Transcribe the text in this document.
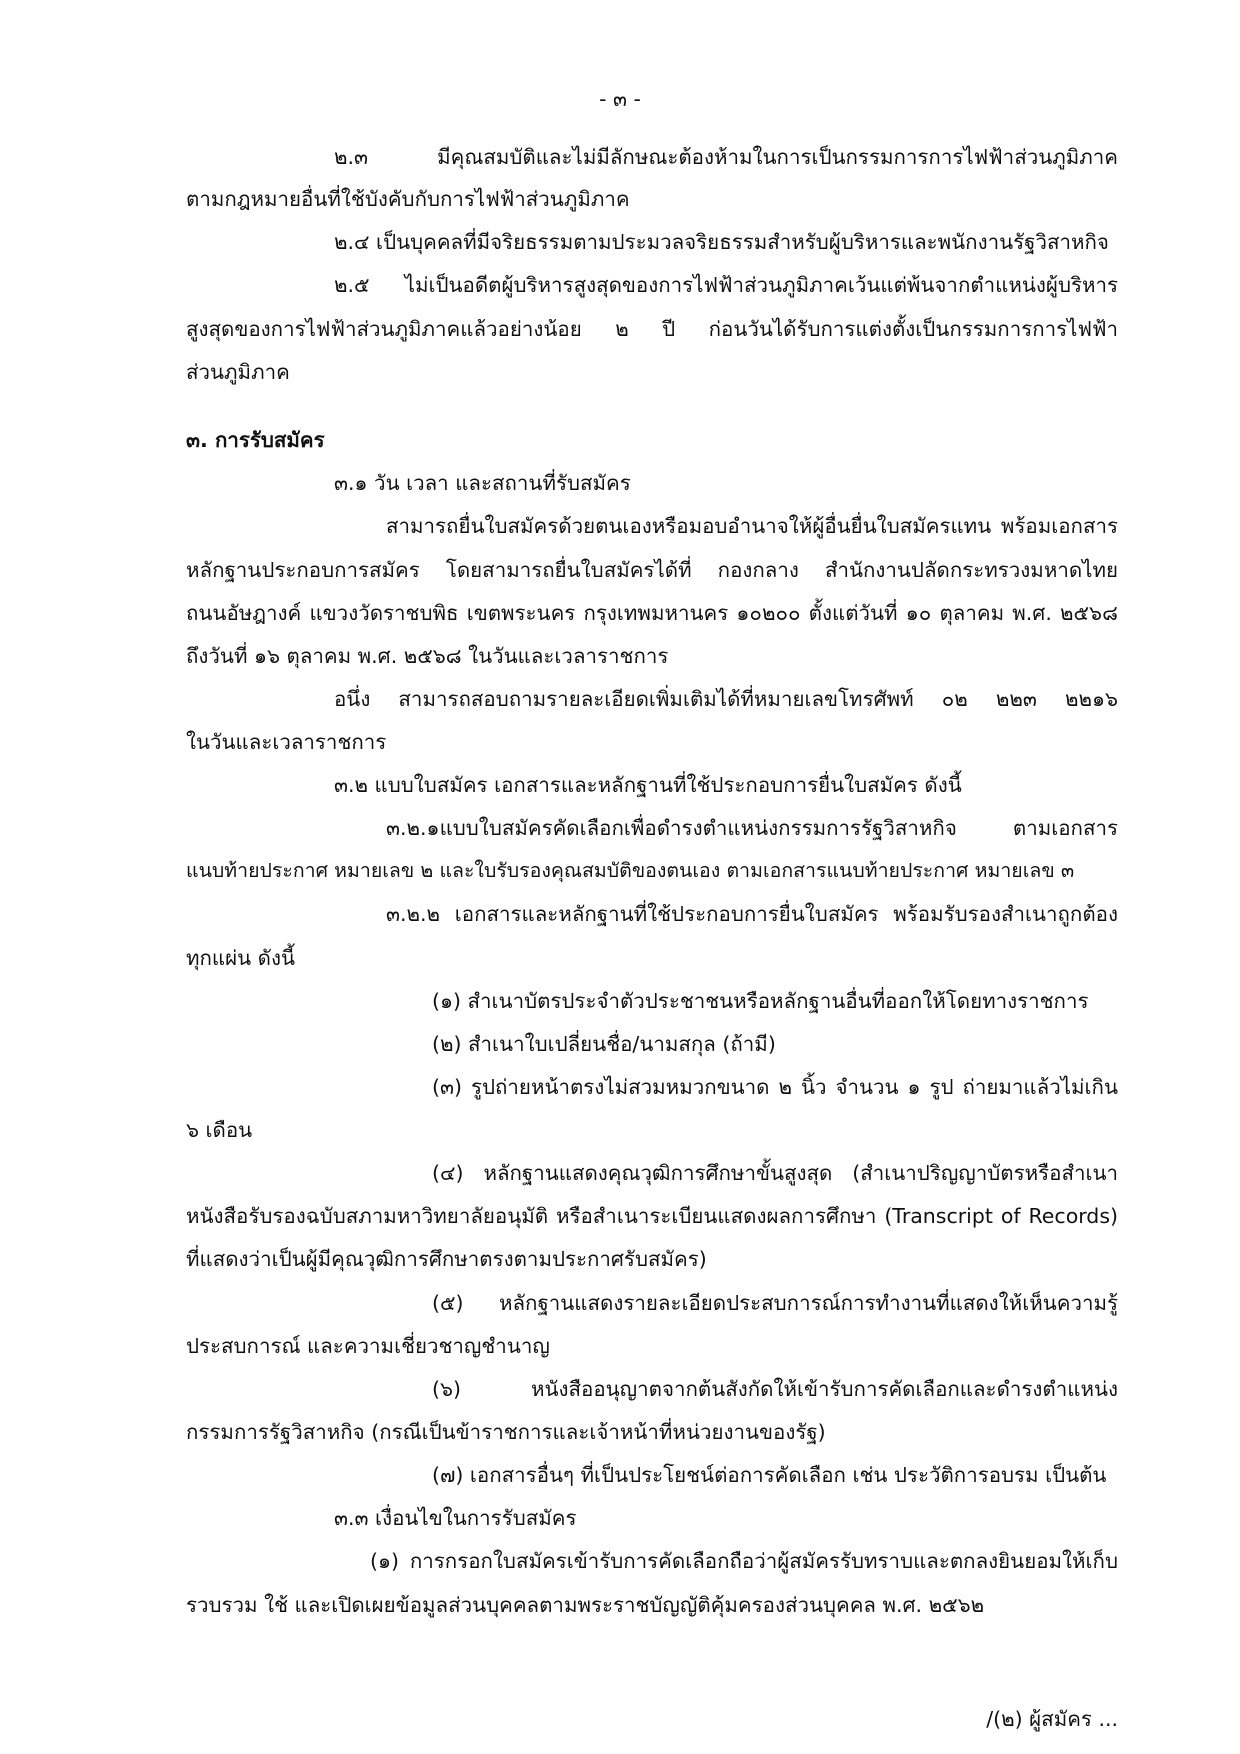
- ๓ -
๒.๓	มีคุณสมบัติและไม่มีลักษณะต้องห้ามในการเป็นกรรมการการไฟฟ้าส่วนภูมิภาค
ตามกฎหมายอื่นที่ใช้บังคับกับการไฟฟ้าส่วนภูมิภาค
๒.๔ เป็นบุคคลที่มีจริยธรรมตามประมวลจริยธรรมสำหรับผู้บริหารและพนักงานรัฐวิสาหกิจ
๒.๕ ไม่เป็นอดีตผู้บริหารสูงสุดของการไฟฟ้าส่วนภูมิภาคเว้นแต่พ้นจากตำแหน่งผู้บริหาร
สูงสุดของการไฟฟ้าส่วนภูมิภาคแล้วอย่างน้อย ๒ ปี ก่อนวันได้รับการแต่งตั้งเป็นกรรมการการไฟฟ้า
ส่วนภูมิภาค
๓. การรับสมัคร
๓.๑ วัน เวลา และสถานที่รับสมัคร
สามารถยื่นใบสมัครด้วยตนเองหรือมอบอำนาจให้ผู้อื่นยื่นใบสมัครแทน พร้อมเอกสาร
หลักฐานประกอบการสมัคร โดยสามารถยื่นใบสมัครได้ที่ กองกลาง สำนักงานปลัดกระทรวงมหาดไทย
ถนนอัษฎางค์ แขวงวัดราชบพิธ เขตพระนคร กรุงเทพมหานคร ๑๐๒๐๐ ตั้งแต่วันที่ ๑๐ ตุลาคม พ.ศ. ๒๕๖๘
ถึงวันที่ ๑๖ ตุลาคม พ.ศ. ๒๕๖๘ ในวันและเวลาราชการ
อนึ่ง สามารถสอบถามรายละเอียดเพิ่มเติมได้ที่หมายเลขโทรศัพท์ ๐๒ ๒๒๓ ๒๒๑๖
ในวันและเวลาราชการ
๓.๒ แบบใบสมัคร เอกสารและหลักฐานที่ใช้ประกอบการยื่นใบสมัคร ดังนี้
๓.๒.๑แบบใบสมัครคัดเลือกเพื่อดำรงตำแหน่งกรรมการรัฐวิสาหกิจ	ตามเอกสาร
แนบท้ายประกาศ หมายเลข ๒ และใบรับรองคุณสมบัติของตนเอง ตามเอกสารแนบท้ายประกาศ หมายเลข ๓
๓.๒.๒ เอกสารและหลักฐานที่ใช้ประกอบการยื่นใบสมัคร พร้อมรับรองสำเนาถูกต้อง
ทุกแผ่น ดังนี้
(๑) สำเนาบัตรประจำตัวประชาชนหรือหลักฐานอื่นที่ออกให้โดยทางราชการ
(๒) สำเนาใบเปลี่ยนชื่อ/นามสกุล (ถ้ามี)
(๓) รูปถ่ายหน้าตรงไม่สวมหมวกขนาด ๒ นิ้ว จำนวน ๑ รูป ถ่ายมาแล้วไม่เกิน
๖ เดือน
(๔) หลักฐานแสดงคุณวุฒิการศึกษาขั้นสูงสุด (สำเนาปริญญาบัตรหรือสำเนา
หนังสือรับรองฉบับสภามหาวิทยาลัยอนุมัติ หรือสำเนาระเบียนแสดงผลการศึกษา (Transcript of Records)
ที่แสดงว่าเป็นผู้มีคุณวุฒิการศึกษาตรงตามประกาศรับสมัคร)
(๕) หลักฐานแสดงรายละเอียดประสบการณ์การทำงานที่แสดงให้เห็นความรู้
ประสบการณ์ และความเชี่ยวชาญชำนาญ
(๖)	หนังสืออนุญาตจากต้นสังกัดให้เข้ารับการคัดเลือกและดำรงตำแหน่ง
กรรมการรัฐวิสาหกิจ (กรณีเป็นข้าราชการและเจ้าหน้าที่หน่วยงานของรัฐ)
(๗) เอกสารอื่นๆ ที่เป็นประโยชน์ต่อการคัดเลือก เช่น ประวัติการอบรม เป็นต้น
๓.๓ เงื่อนไขในการรับสมัคร
(๑) การกรอกใบสมัครเข้ารับการคัดเลือกถือว่าผู้สมัครรับทราบและตกลงยินยอมให้เก็บ
รวบรวม ใช้ และเปิดเผยข้อมูลส่วนบุคคลตามพระราชบัญญัติคุ้มครองส่วนบุคคล พ.ศ. ๒๕๖๒
/(๒) ผู้สมัคร ...
